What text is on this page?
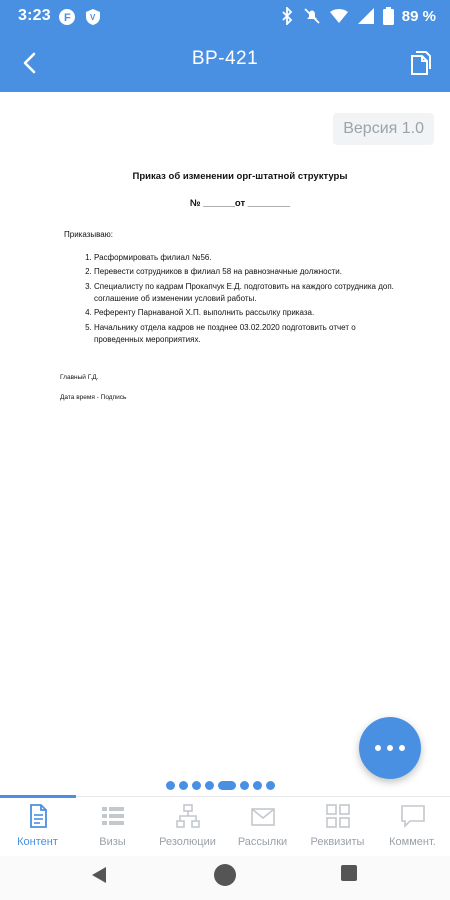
3:23 F V	89 %
BP-421
Версия 1.0
Приказ об изменении орг-штатной структуры
№ ______от ________
Приказываю:
1. Расформировать филиал №56.
2. Перевести сотрудников в филиал 58 на равнозначные должности.
3. Специалисту по кадрам Прокапчук Е.Д. подготовить на каждого сотрудника доп. соглашение об изменении условий работы.
4. Референту Парнаваной Х.П. выполнить рассылку приказа.
5. Начальнику отдела кадров не позднее 03.02.2020 подготовить отчет о проведенных мероприятиях.
Главный Г.Д.
Дата время - Подпись
Контент	Визы	Резолюции	Рассылки	Реквизиты	Коммент.
